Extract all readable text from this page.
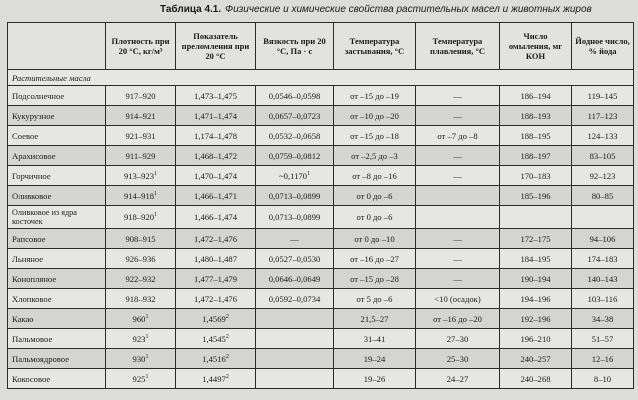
Таблица 4.1. Физические и химические свойства растительных масел и животных жиров
	Плотность при 20 °С, кг/м³	Показатель преломления при 20 °С	Вязкость при 20 °С, Па · с	Температура застывания, °С	Температура плавления, °С	Число омыления, мг КОН	Йодное число, % йода
Растительные масла							
Подсолнечное	917–920	1,473–1,475	0,0546–0,0598	от –15 до –19	—	186–194	119–145
Кукурузное	914–921	1,471–1,474	0,0657–0,0723	от –10 до –20	—	188–193	117–123
Соевое	921–931	1,174–1,478	0,0532–0,0658	от –15 до –18	от –7 до –8	188–195	124–133
Арахисовое	911–929	1,468–1,472	0,0759–0,0812	от –2,5 до –3	—	188–197	83–105
Горчичное	$913-923^1$	1,470–1,474	~0,1170$^1$	от –8 до –16	—	170–183	92–123
Оливковое	$914-918^1$	1,466–1,471	0,0713–0,0899	от 0 до –6		185–196	80–85
Оливковое из ядра косточек	$918-920^1$	1,466–1,474	0,0713–0,0899	от 0 до –6			
Рапсовое	908–915	1,472–1,476	—	от 0 до –10	—	172–175	94–106
Льняное	926–936	1,480–1,487	0,0527–0,0530	от –16 до –27	—	184–195	174–183
Конопляное	922–932	1,477–1,479	0,0646–0,0649	от –15 до –28	—	190–194	140–143
Хлопковое	918–932	1,472–1,476	0,0592–0,0734	от 5 до –6	<10 (осадок)	194–196	103–116
Какао	$960^1$	1,4569$^2$		21,5–27	от –16 до –20	192–196	34–38
Пальмовое	$923^1$	1,4545$^2$		31–41	27–30	196–210	51–57
Пальмоядровое	$930^1$	1,4516$^2$		19–24	25–30	240–257	12–16
Кокосовое	$925^1$	1,4497$^2$		19–26	24–27	240–268	8–10
